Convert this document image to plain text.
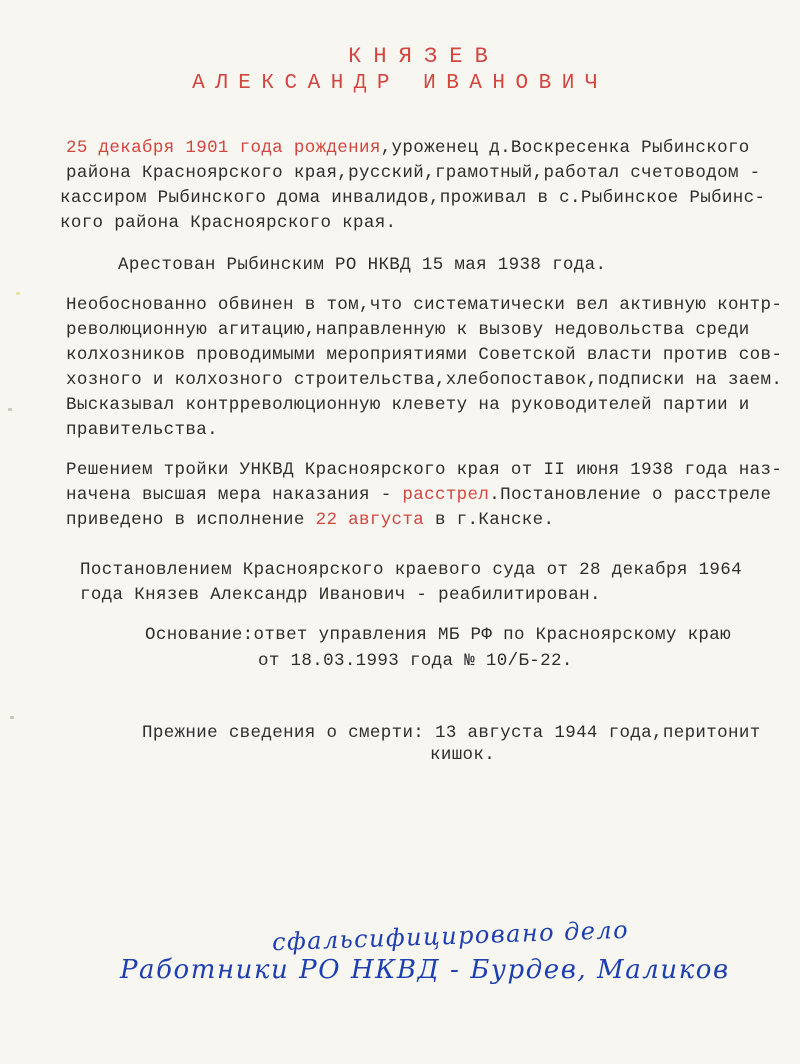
КНЯЗЕВ
АЛЕКСАНДР ИВАНОВИЧ
25 декабря 1901 года рождения,уроженец д.Воскресенка Рыбинского
района Красноярского края,русский,грамотный,работал счетоводом -
кассиром Рыбинского дома инвалидов,проживал в с.Рыбинское Рыбинс-
кого района Красноярского края.
Арестован Рыбинским РО НКВД 15 мая 1938 года.
Необоснованно обвинен в том,что систематически вел активную контр-
революционную агитацию,направленную к вызову недовольства среди
колхозников проводимыми мероприятиями Советской власти против сов-
хозного и колхозного строительства,хлебопоставок,подписки на заем.
Высказывал контрреволюционную клевету на руководителей партии и
правительства.
Решением тройки УНКВД Красноярского края от II июня 1938 года наз-
начена высшая мера наказания - расстрел.Постановление о расстреле
приведено в исполнение 22 августа в г.Канске.
Постановлением Красноярского краевого суда от 28 декабря 1964
года Князев Александр Иванович - реабилитирован.
Основание:ответ управления МБ РФ по Красноярскому краю
от 18.03.1993 года № 10/Б-22.
Прежние сведения о смерти: 13 августа 1944 года,перитонит
кишок.
сфальсифицировано делo
Работники РО НКВД - Бурдев, Маликов
